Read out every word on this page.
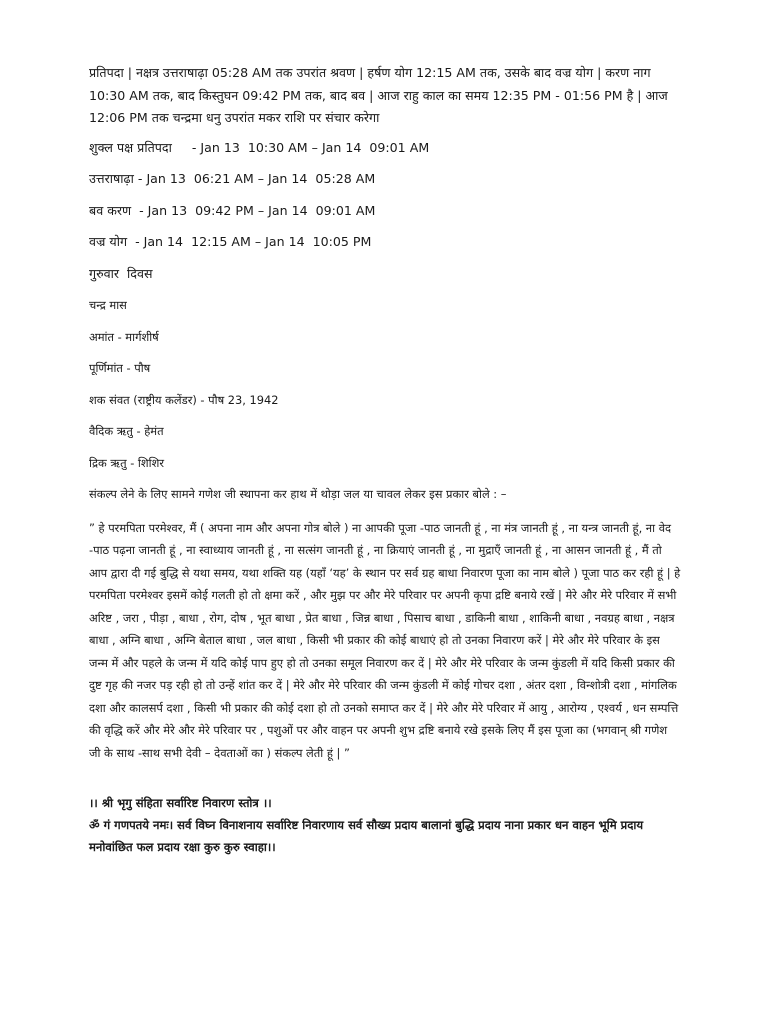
प्रतिपदा | नक्षत्र उत्तराषाढ़ा 05:28 AM तक उपरांत श्रवण | हर्षण योग 12:15 AM तक, उसके बाद वज्र योग | करण नाग 10:30 AM तक, बाद किस्तुघन 09:42 PM तक, बाद बव | आज राहु काल का समय 12:35 PM - 01:56 PM है | आज 12:06 PM तक चन्द्रमा धनु उपरांत मकर राशि पर संचार करेगा

शुक्ल पक्ष प्रतिपदा     - Jan 13  10:30 AM – Jan 14  09:01 AM

उत्तराषाढ़ा - Jan 13  06:21 AM – Jan 14  05:28 AM

बव करण  - Jan 13  09:42 PM – Jan 14  09:01 AM

वज्र योग  - Jan 14  12:15 AM – Jan 14  10:05 PM

गुरुवार  दिवस

चन्द्र मास

अमांत - मार्गशीर्ष

पूर्णिमांत - पौष

शक संवत (राष्ट्रीय कलेंडर) - पौष 23, 1942

वैदिक ऋतु - हेमंत

द्रिक ऋतु - शिशिर

संकल्प लेने के लिए सामने गणेश जी स्थापना कर हाथ में थोड़ा जल या चावल लेकर इस प्रकार बोले : –

” हे परमपिता परमेश्वर, मैं ( अपना नाम और अपना गोत्र बोले ) ना आपकी पूजा -पाठ जानती हूं , ना मंत्र जानती हूं , ना यन्त्र जानती हूं, ना वेद -पाठ पढ़ना जानती हूं , ना स्वाध्याय जानती हूं , ना सत्संग जानती हूं , ना क्रियाएं जानती हूं , ना मुद्राएँ जानती हूं , ना आसन जानती हूं , मैं तो आप द्वारा दी गई बुद्धि से यथा समय, यथा शक्ति यह (यहाँ ‘यह’ के स्थान पर सर्व ग्रह बाधा निवारण पूजा का नाम बोले ) पूजा पाठ कर रही हूं | हे परमपिता परमेश्वर इसमें कोई गलती हो तो क्षमा करें , और मुझ पर और मेरे परिवार पर अपनी कृपा द्रष्टि बनाये रखें | मेरे और मेरे परिवार में सभी अरिष्ट , जरा , पीड़ा , बाधा , रोग, दोष , भूत बाधा , प्रेत बाधा , जिन्न बाधा , पिसाच बाधा , डाकिनी बाधा , शाकिनी बाधा , नवग्रह बाधा , नक्षत्र बाधा , अग्नि बाधा , अग्नि बेताल बाधा , जल बाधा , किसी भी प्रकार की कोई बाधाएं हो तो उनका निवारण करें | मेरे और मेरे परिवार के इस जन्म में और पहले के जन्म में यदि कोई पाप हुए हो तो उनका समूल निवारण कर दें | मेरे और मेरे परिवार के जन्म कुंडली में यदि किसी प्रकार की दुष्ट गृह की नजर पड़ रही हो तो उन्हें शांत कर दें | मेरे और मेरे परिवार की जन्म कुंडली में कोई गोचर दशा , अंतर दशा , विन्शोत्री दशा , मांगलिक दशा और कालसर्प दशा , किसी भी प्रकार की कोई दशा हो तो उनको समाप्त कर दें | मेरे और मेरे परिवार में आयु , आरोग्य , एश्वर्य , धन सम्पत्ति की वृद्धि करें और मेरे और मेरे परिवार पर , पशुओं पर और वाहन पर अपनी शुभ द्रष्टि बनाये रखे इसके लिए मैं इस पूजा का (भगवान् श्री गणेश जी के साथ -साथ सभी देवी – देवताओं का ) संकल्प लेती हूं | ”

।। श्री भृगु संहिता सर्वारिष्ट निवारण स्तोत्र ।।

ॐ गं गणपतये नमः। सर्व विघ्न विनाशनाय सर्वारिष्ट निवारणाय सर्व सौख्य प्रदाय बालानां बुद्धि प्रदाय नाना प्रकार धन वाहन भूमि प्रदाय मनोवांछित फल प्रदाय रक्षा कुरु कुरु स्वाहा।।
